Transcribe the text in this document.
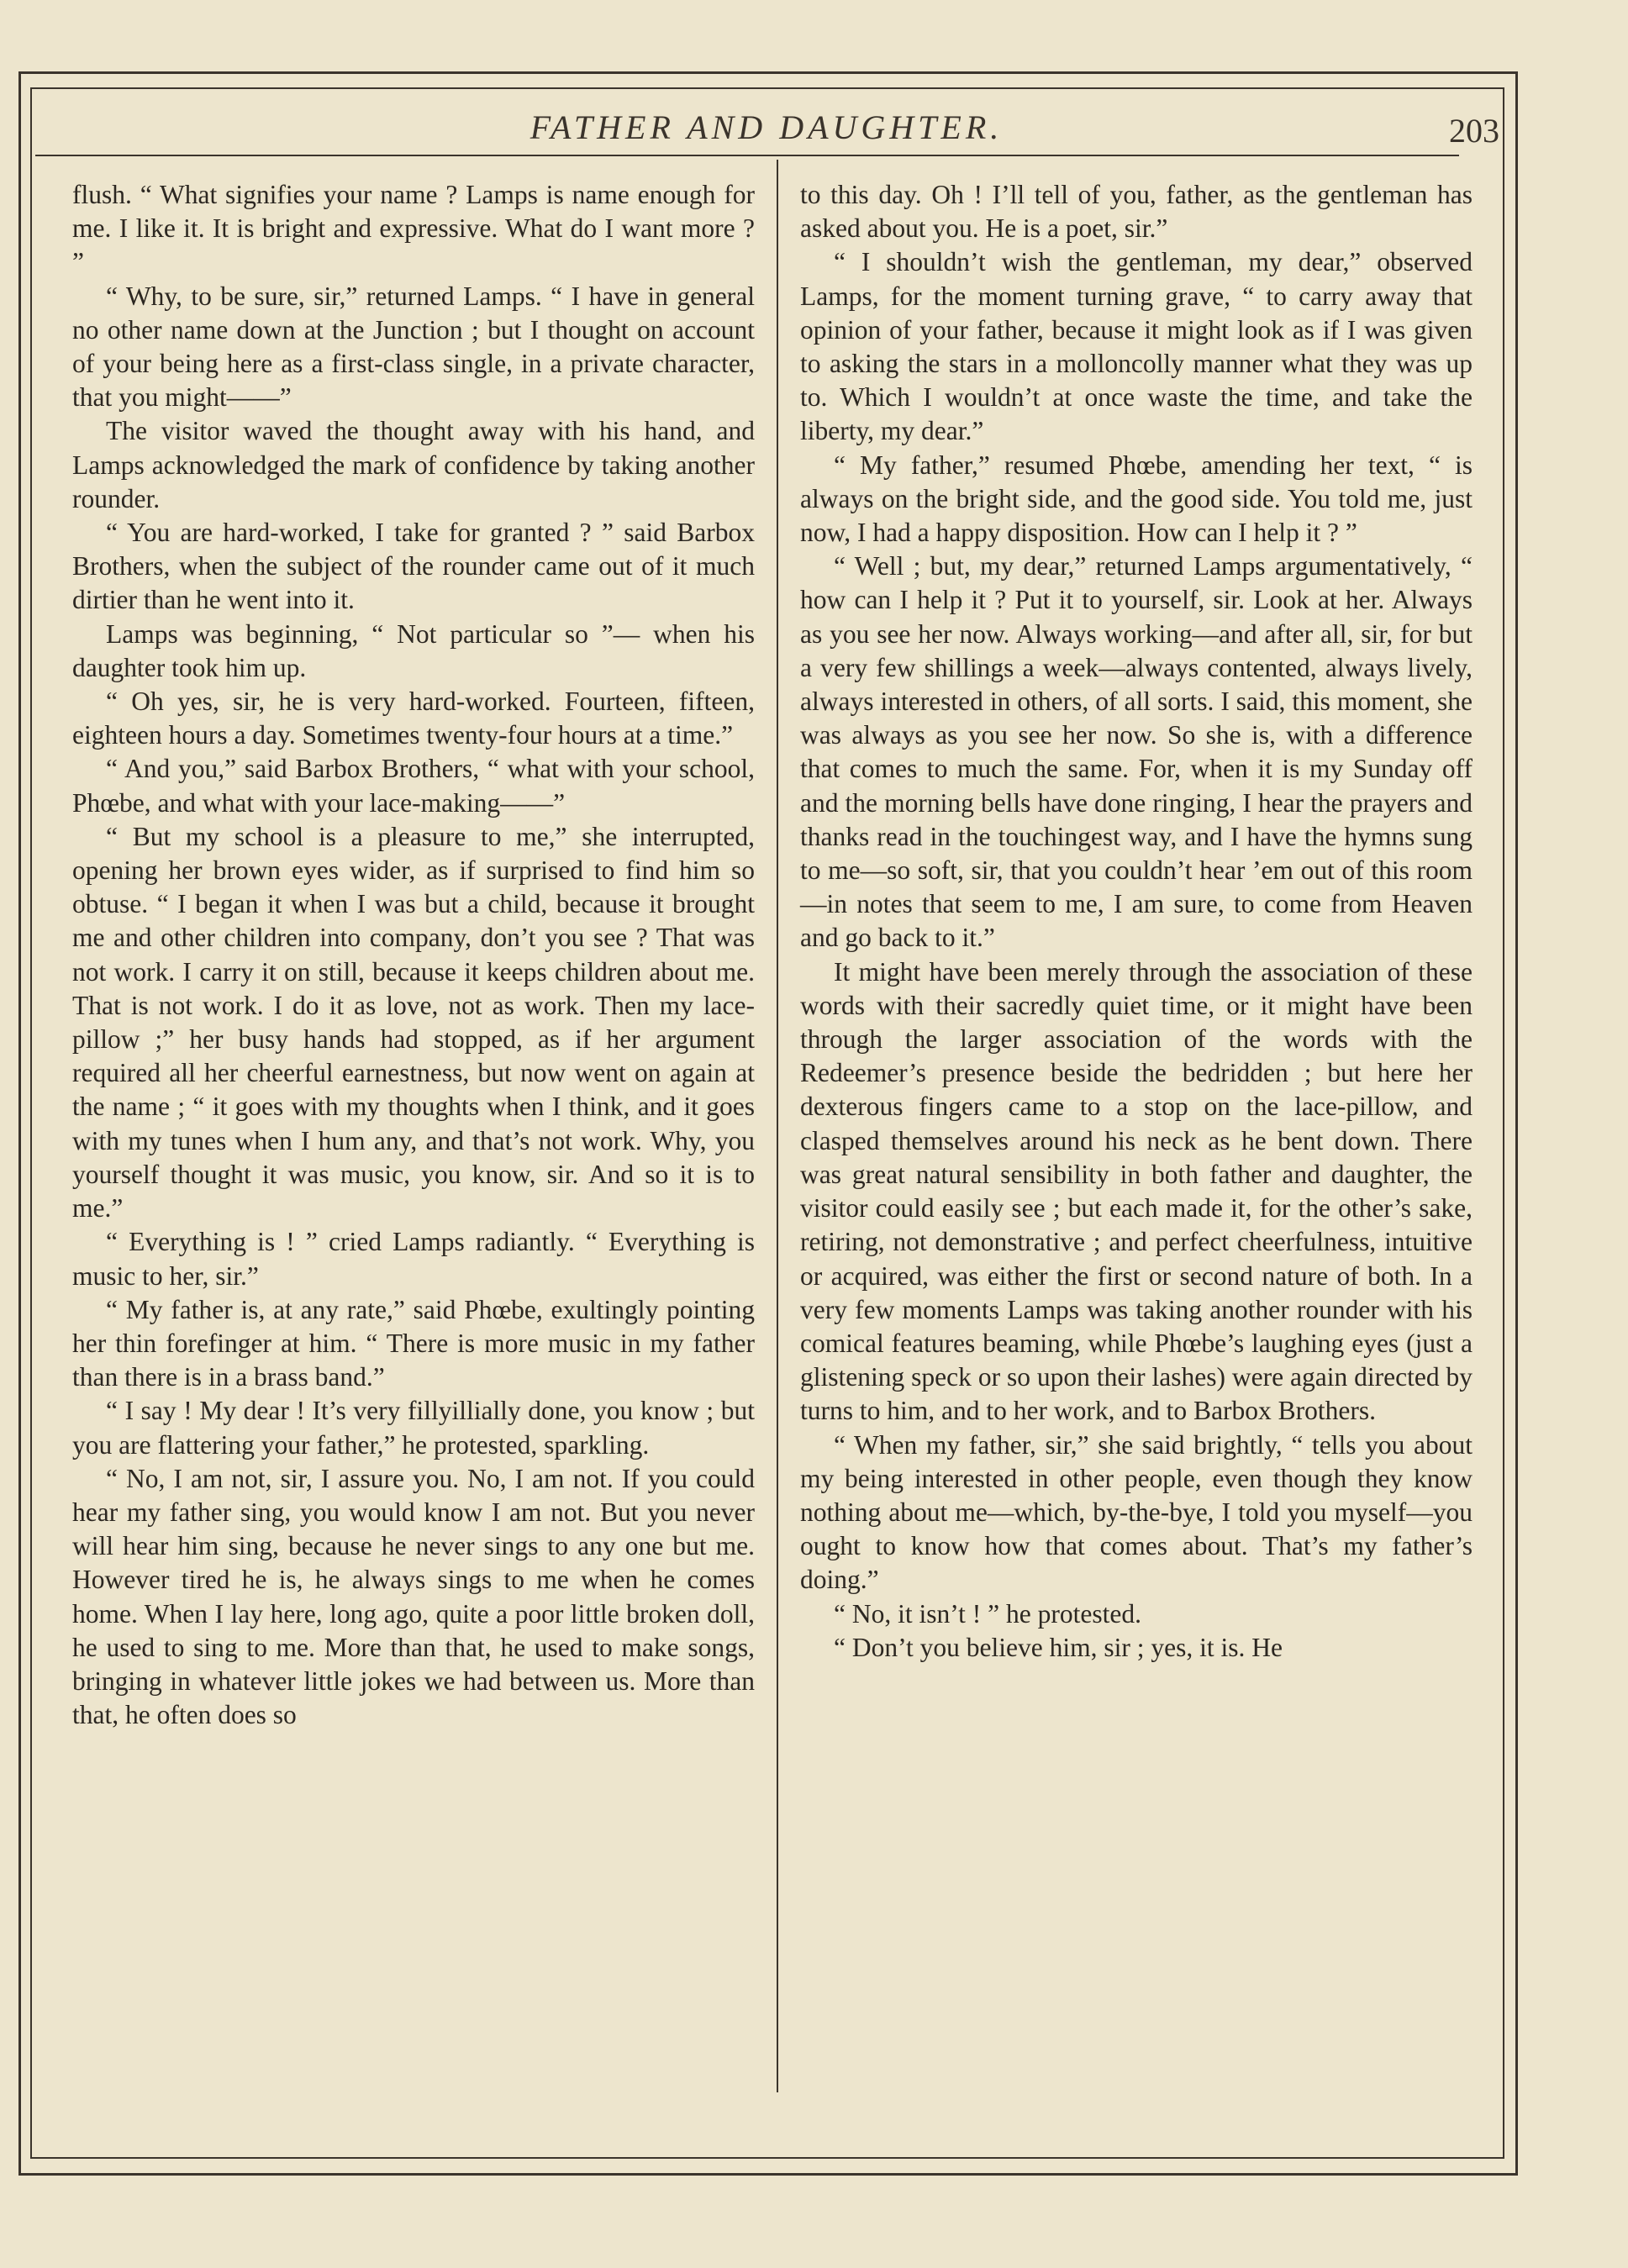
FATHER AND DAUGHTER.	203

flush. “ What signifies your name ? Lamps is name enough for me. I like it. It is bright and expressive. What do I want more ? ”

“ Why, to be sure, sir,” returned Lamps. “ I have in general no other name down at the Junction ; but I thought on account of your being here as a first-class single, in a private character, that you might——”

The visitor waved the thought away with his hand, and Lamps acknowledged the mark of confidence by taking another rounder.

“ You are hard-worked, I take for granted ? ” said Barbox Brothers, when the subject of the rounder came out of it much dirtier than he went into it.

Lamps was beginning, “ Not particular so ”— when his daughter took him up.

“ Oh yes, sir, he is very hard-worked. Fourteen, fifteen, eighteen hours a day. Sometimes twenty-four hours at a time.”

“ And you,” said Barbox Brothers, “ what with your school, Phœbe, and what with your lace-making——”

“ But my school is a pleasure to me,” she interrupted, opening her brown eyes wider, as if surprised to find him so obtuse. “ I began it when I was but a child, because it brought me and other children into company, don’t you see ? That was not work. I carry it on still, because it keeps children about me. That is not work. I do it as love, not as work. Then my lace-pillow ;” her busy hands had stopped, as if her argument required all her cheerful earnestness, but now went on again at the name ; “ it goes with my thoughts when I think, and it goes with my tunes when I hum any, and that’s not work. Why, you yourself thought it was music, you know, sir. And so it is to me.”

“ Everything is ! ” cried Lamps radiantly. “ Everything is music to her, sir.”

“ My father is, at any rate,” said Phœbe, exultingly pointing her thin forefinger at him. “ There is more music in my father than there is in a brass band.”

“ I say ! My dear ! It’s very fillyillially done, you know ; but you are flattering your father,” he protested, sparkling.

“ No, I am not, sir, I assure you. No, I am not. If you could hear my father sing, you would know I am not. But you never will hear him sing, because he never sings to any one but me. However tired he is, he always sings to me when he comes home. When I lay here, long ago, quite a poor little broken doll, he used to sing to me. More than that, he used to make songs, bringing in whatever little jokes we had between us. More than that, he often does so

to this day. Oh ! I’ll tell of you, father, as the gentleman has asked about you. He is a poet, sir.”

“ I shouldn’t wish the gentleman, my dear,” observed Lamps, for the moment turning grave, “ to carry away that opinion of your father, because it might look as if I was given to asking the stars in a molloncolly manner what they was up to. Which I wouldn’t at once waste the time, and take the liberty, my dear.”

“ My father,” resumed Phœbe, amending her text, “ is always on the bright side, and the good side. You told me, just now, I had a happy disposition. How can I help it ? ”

“ Well ; but, my dear,” returned Lamps argumentatively, “ how can I help it ? Put it to yourself, sir. Look at her. Always as you see her now. Always working—and after all, sir, for but a very few shillings a week—always contented, always lively, always interested in others, of all sorts. I said, this moment, she was always as you see her now. So she is, with a difference that comes to much the same. For, when it is my Sunday off and the morning bells have done ringing, I hear the prayers and thanks read in the touchingest way, and I have the hymns sung to me—so soft, sir, that you couldn’t hear ’em out of this room—in notes that seem to me, I am sure, to come from Heaven and go back to it.”

It might have been merely through the association of these words with their sacredly quiet time, or it might have been through the larger association of the words with the Redeemer’s presence beside the bedridden ; but here her dexterous fingers came to a stop on the lace-pillow, and clasped themselves around his neck as he bent down. There was great natural sensibility in both father and daughter, the visitor could easily see ; but each made it, for the other’s sake, retiring, not demonstrative ; and perfect cheerfulness, intuitive or acquired, was either the first or second nature of both. In a very few moments Lamps was taking another rounder with his comical features beaming, while Phœbe’s laughing eyes (just a glistening speck or so upon their lashes) were again directed by turns to him, and to her work, and to Barbox Brothers.

“ When my father, sir,” she said brightly, “ tells you about my being interested in other people, even though they know nothing about me—which, by-the-bye, I told you myself—you ought to know how that comes about. That’s my father’s doing.”

“ No, it isn’t ! ” he protested.

“ Don’t you believe him, sir ; yes, it is. He
